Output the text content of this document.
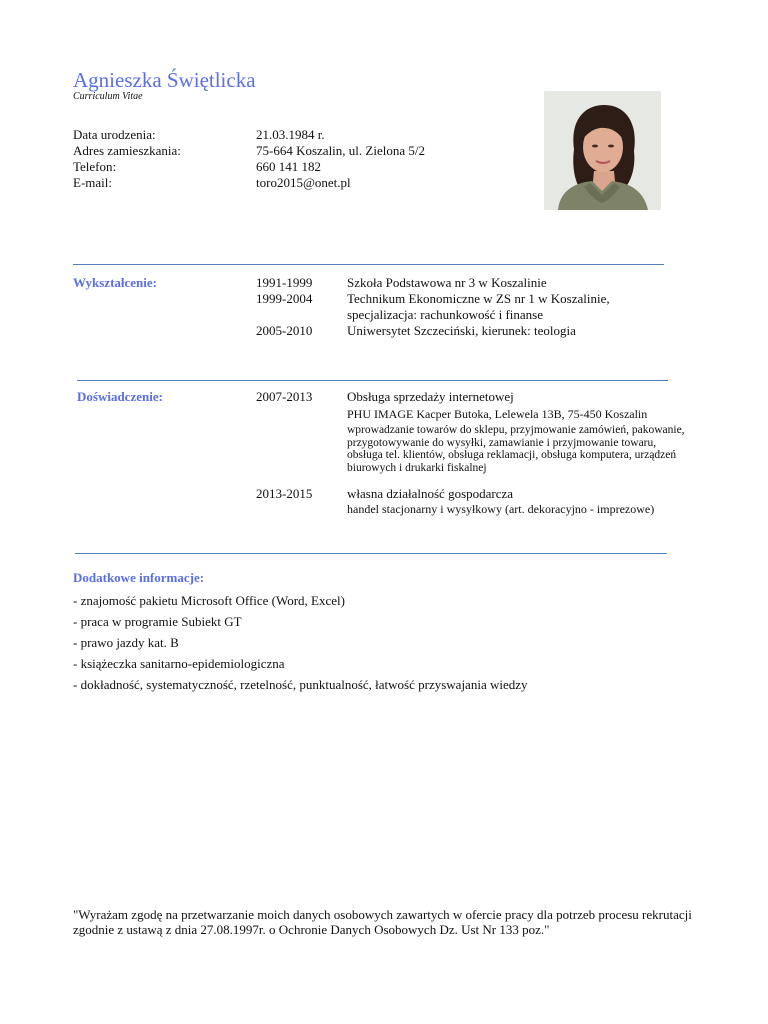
Agnieszka Świętlicka
Curriculum Vitae
Data urodzenia:	21.03.1984 r.
Adres zamieszkania:	75-664 Koszalin, ul. Zielona 5/2
Telefon:	660 141 182
E-mail:	toro2015@onet.pl
Wykształcenie:	1991-1999	Szkoła Podstawowa nr 3 w Koszalinie
1999-2004	Technikum Ekonomiczne w ZS nr 1 w Koszalinie,
specjalizacja: rachunkowość i finanse
2005-2010	Uniwersytet Szczeciński, kierunek: teologia
Doświadczenie:	2007-2013	Obsługa sprzedaży internetowej
PHU IMAGE Kacper Butoka, Lelewela 13B, 75-450 Koszalin
wprowadzanie towarów do sklepu, przyjmowanie zamówień, pakowanie,
przygotowywanie do wysyłki, zamawianie i przyjmowanie towaru,
obsługa tel. klientów, obsługa reklamacji, obsługa komputera, urządzeń
biurowych i drukarki fiskalnej
2013-2015	własna działalność gospodarcza
handel stacjonarny i wysyłkowy (art. dekoracyjno - imprezowe)
Dodatkowe informacje:
- znajomość pakietu Microsoft Office (Word, Excel)
- praca w programie Subiekt GT
- prawo jazdy kat. B
- książeczka sanitarno-epidemiologiczna
- dokładność, systematyczność, rzetelność, punktualność, łatwość przyswajania wiedzy
"Wyrażam zgodę na przetwarzanie moich danych osobowych zawartych w ofercie pracy dla potrzeb procesu rekrutacji
zgodnie z ustawą z dnia 27.08.1997r. o Ochronie Danych Osobowych Dz. Ust Nr 133 poz."
